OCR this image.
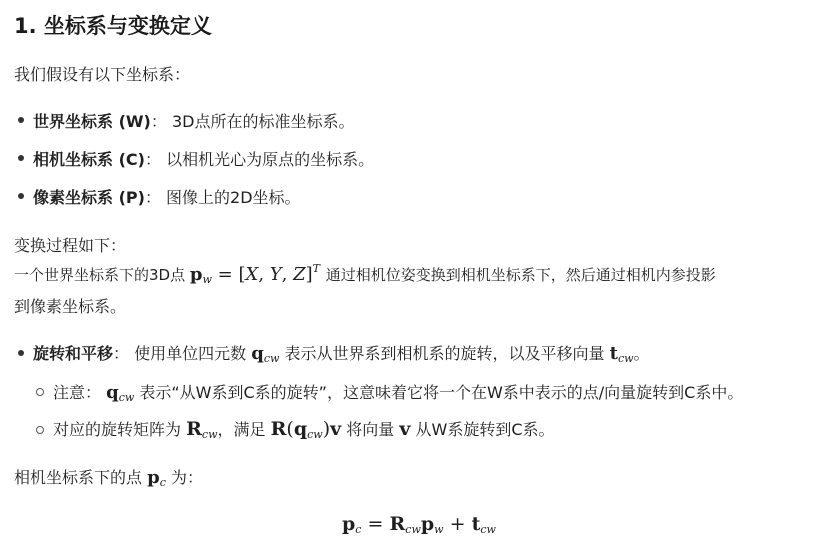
1. 坐标系与变换定义
我们假设有以下坐标系：
世界坐标系 (W)： 3D点所在的标准坐标系。
相机坐标系 (C)： 以相机光心为原点的坐标系。
像素坐标系 (P)： 图像上的2D坐标。
变换过程如下：
一个世界坐标系下的3D点 $p_w = [X$, Y, Z]$^T$ 通过相机位姿变换到相机坐标系下，然后通过相机内参投影
到像素坐标系。
旋转和平移： 使用单位四元数 $q_{cw}$ 表示从世界系到相机系的旋转，以及平移向量 $t_{cw}$。
注意： $q_{cw}$ 表示“从W系到C系的旋转”，这意味着它将一个在W系中表示的点/向量旋转到C系中。
对应的旋转矩阵为 $R_{cw}$，满足 $R(q_{cw})v$ 将向量 v 从W系旋转到C系。
相机坐标系下的点 $p_c$ 为：
$p_c = R_{cw}p_w + t_{cw}$
